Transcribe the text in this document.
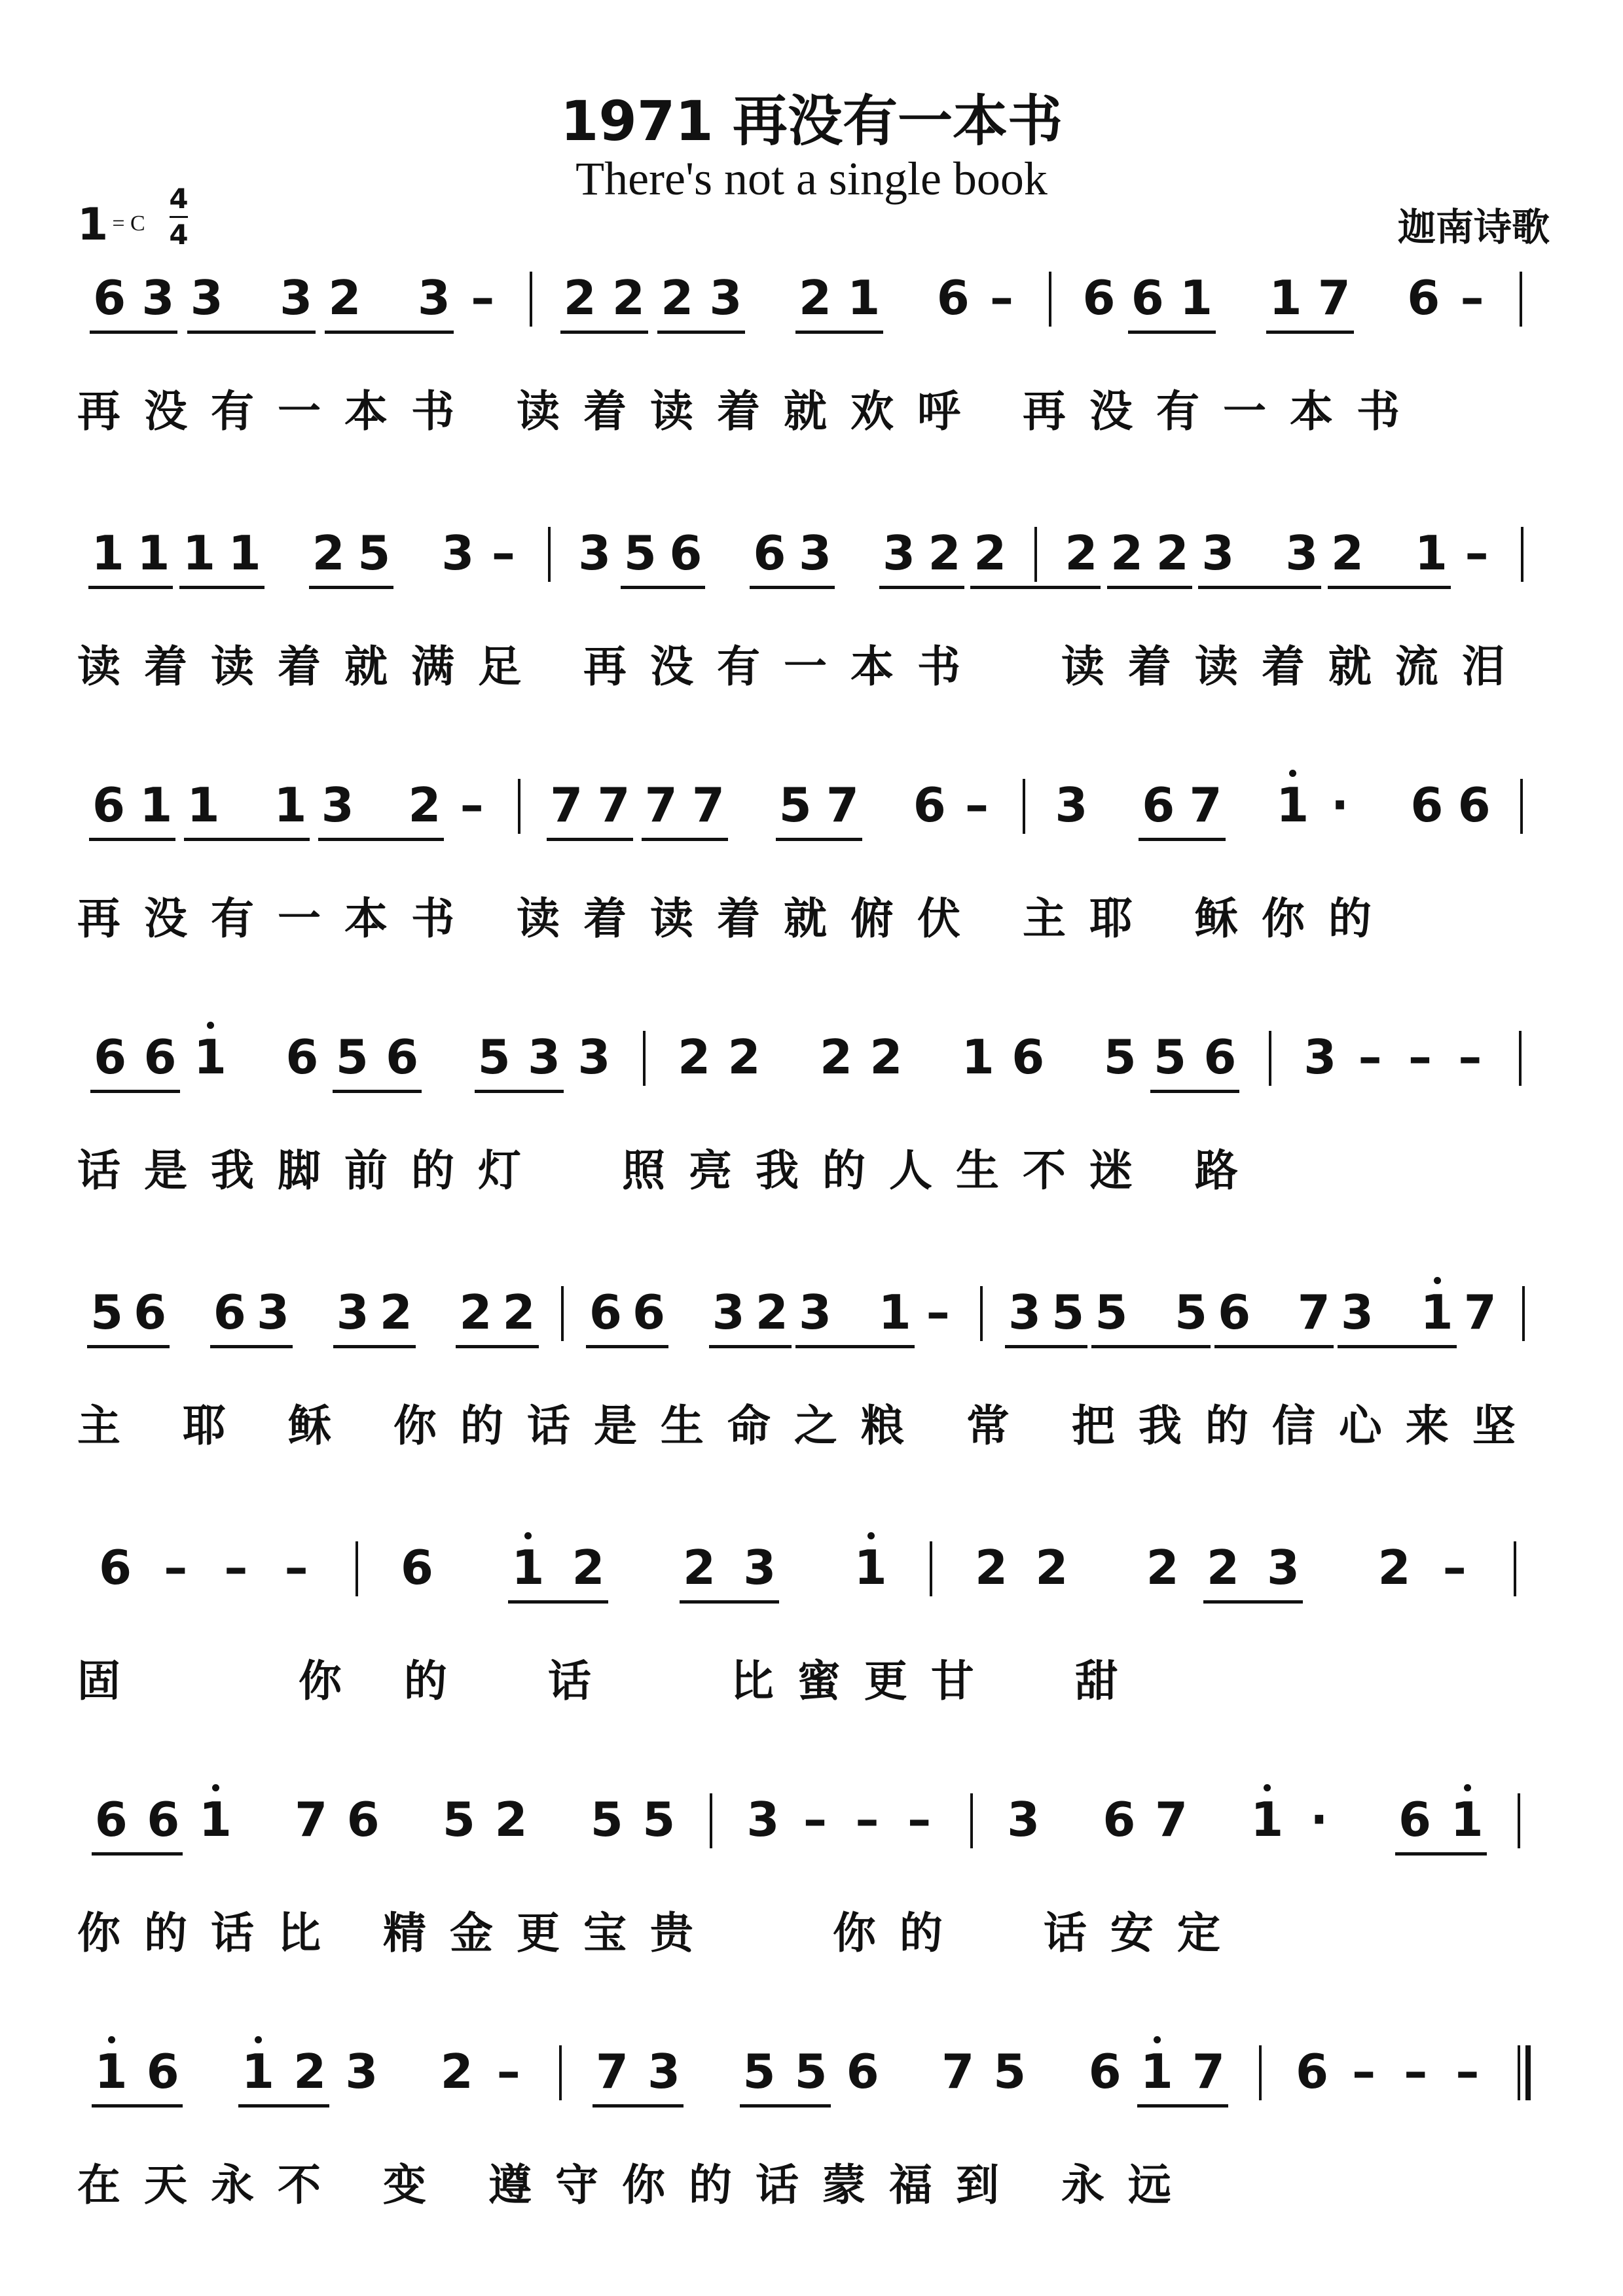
1971 再没有一本书
There's not a single book
迦南诗歌
1 = C
4
4
6 3 3 3 2 3 – 2 2 2 3 2 1 6 – 6 6 1 1 7 6 –
再没有一本书 读着读着就欢呼 再没有一本书
1 1 1 1 2 5 3 – 3 5 6 6 3 3 2 2 2 2 2 3 3 2 1 –
读着读着就满足 再没有一本书  读着读着就流泪
6 1 1 1 3 2 – 7 7 7 7 5 7 6 – 3 6 7 1 · 6 6
再没有一本书 读着读着就俯伏 主耶 稣你的
6 6 1 6 5 6 5 3 3 2 2 2 2 1 6 5 5 6 3 – – –
话是我脚前的灯  照亮我的人生不迷 路
5 6 6 3 3 2 2 2 6 6 3 2 3 1 – 3 5 5 5 6 7 3 1 7
主 耶 稣 你的话是生命之粮 常 把我的信心来坚
6 – – – 6 1 2 2 3 1 2 2 2 2 3 2 –
固    你 的  话   比蜜更甘  甜
6 6 1 7 6 5 2 5 5 3 – – – 3 6 7 1 · 6 1
你的话比 精金更宝贵   你的  话安定
1 6 1 2 3 2 – 7 3 5 5 6 7 5 6 1 7 6 – – –
在天永不 变 遵守你的话蒙福到 永远
